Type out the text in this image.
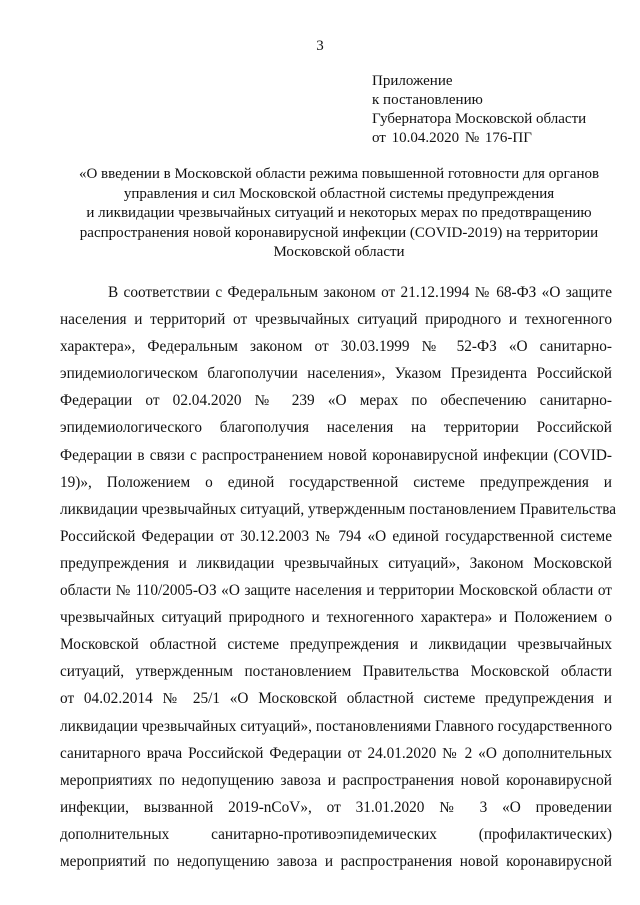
3
Приложение
к постановлению
Губернатора Московской области
от 10.04.2020 № 176-ПГ
«О введении в Московской области режима повышенной готовности для органов
управления и сил Московской областной системы предупреждения
и ликвидации чрезвычайных ситуаций и некоторых мерах по предотвращению
распространения новой коронавирусной инфекции (COVID-2019) на территории
Московской области
В соответствии с Федеральным законом от 21.12.1994 № 68-ФЗ «О защите
населения и территорий от чрезвычайных ситуаций природного и техногенного
характера», Федеральным законом от 30.03.1999 № 52-ФЗ «О санитарно-
эпидемиологическом благополучии населения», Указом Президента Российской
Федерации от 02.04.2020 № 239 «О мерах по обеспечению санитарно-
эпидемиологического благополучия населения на территории Российской
Федерации в связи с распространением новой коронавирусной инфекции (COVID-
19)», Положением о единой государственной системе предупреждения и
ликвидации чрезвычайных ситуаций, утвержденным постановлением Правительства
Российской Федерации от 30.12.2003 № 794 «О единой государственной системе
предупреждения и ликвидации чрезвычайных ситуаций», Законом Московской
области № 110/2005-ОЗ «О защите населения и территории Московской области от
чрезвычайных ситуаций природного и техногенного характера» и Положением о
Московской областной системе предупреждения и ликвидации чрезвычайных
ситуаций, утвержденным постановлением Правительства Московской области
от 04.02.2014 № 25/1 «О Московской областной системе предупреждения и
ликвидации чрезвычайных ситуаций», постановлениями Главного государственного
санитарного врача Российской Федерации от 24.01.2020 № 2 «О дополнительных
мероприятиях по недопущению завоза и распространения новой коронавирусной
инфекции, вызванной 2019-nCoV», от 31.01.2020 № 3 «О проведении
дополнительных санитарно-противоэпидемических (профилактических)
мероприятий по недопущению завоза и распространения новой коронавирусной
